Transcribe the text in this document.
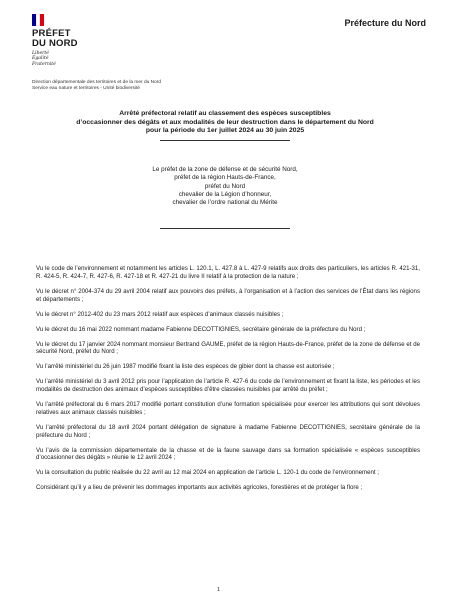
PRÉFET
DU NORD
Liberté
Égalité
Fraternité
Préfecture du Nord
Direction départementale des territoires et de la mer du Nord
Service eau nature et territoires - Unité biodiversité
Arrêté préfectoral relatif au classement des espèces susceptibles
d’occasionner des dégâts et aux modalités de leur destruction dans le département du Nord
pour la période du 1er juillet 2024 au 30 juin 2025
Le préfet de la zone de défense et de sécurité Nord,
préfet de la région Hauts-de-France,
préfet du Nord
chevalier de la Légion d’honneur,
chevalier de l’ordre national du Mérite

Vu le code de l’environnement et notamment les articles L. 120.1, L. 427.8 à L. 427-9 relatifs aux droits des particuliers, les articles R. 421-31, R. 424-5, R. 424-7, R. 427-6, R. 427-18 et R. 427-21 du livre II relatif à la protection de la nature ;

Vu le décret n° 2004-374 du 29 avril 2004 relatif aux pouvoirs des préfets, à l’organisation et à l’action des services de l’État dans les régions et départements ;

Vu le décret n° 2012-402 du 23 mars 2012 relatif aux espèces d’animaux classés nuisibles ;

Vu le décret du 16 mai 2022 nommant madame Fabienne DECOTTIGNIES, secrétaire générale de la préfecture du Nord ;

Vu le décret du 17 janvier 2024 nommant monsieur Bertrand GAUME, préfet de la région Hauts-de-France, préfet de la zone de défense et de sécurité Nord, préfet du Nord ;

Vu l’arrêté ministériel du 26 juin 1987 modifié fixant la liste des espèces de gibier dont la chasse est autorisée ;

Vu l’arrêté ministériel du 3 avril 2012 pris pour l’application de l’article R. 427-6 du code de l’environnement et fixant la liste, les périodes et les modalités de destruction des animaux d’espèces susceptibles d’être classées nuisibles par arrêté du préfet ;

Vu l’arrêté préfectoral du 6 mars 2017 modifié portant constitution d’une formation spécialisée pour exercer les attributions qui sont dévolues relatives aux animaux classés nuisibles ;

Vu l’arrêté préfectoral du 18 avril 2024 portant délégation de signature à madame Fabienne DECOTTIGNIES, secrétaire générale de la préfecture du Nord ;

Vu l’avis de la commission départementale de la chasse et de la faune sauvage dans sa formation spécialisée « espèces susceptibles d’occasionner des dégâts » réunie le 12 avril 2024 ;

Vu la consultation du public réalisée du 22 avril au 12 mai 2024 en application de l’article L. 120-1 du code de l’environnement ;

Considérant qu’il y a lieu de prévenir les dommages importants aux activités agricoles, forestières et de protéger la flore ;

1
